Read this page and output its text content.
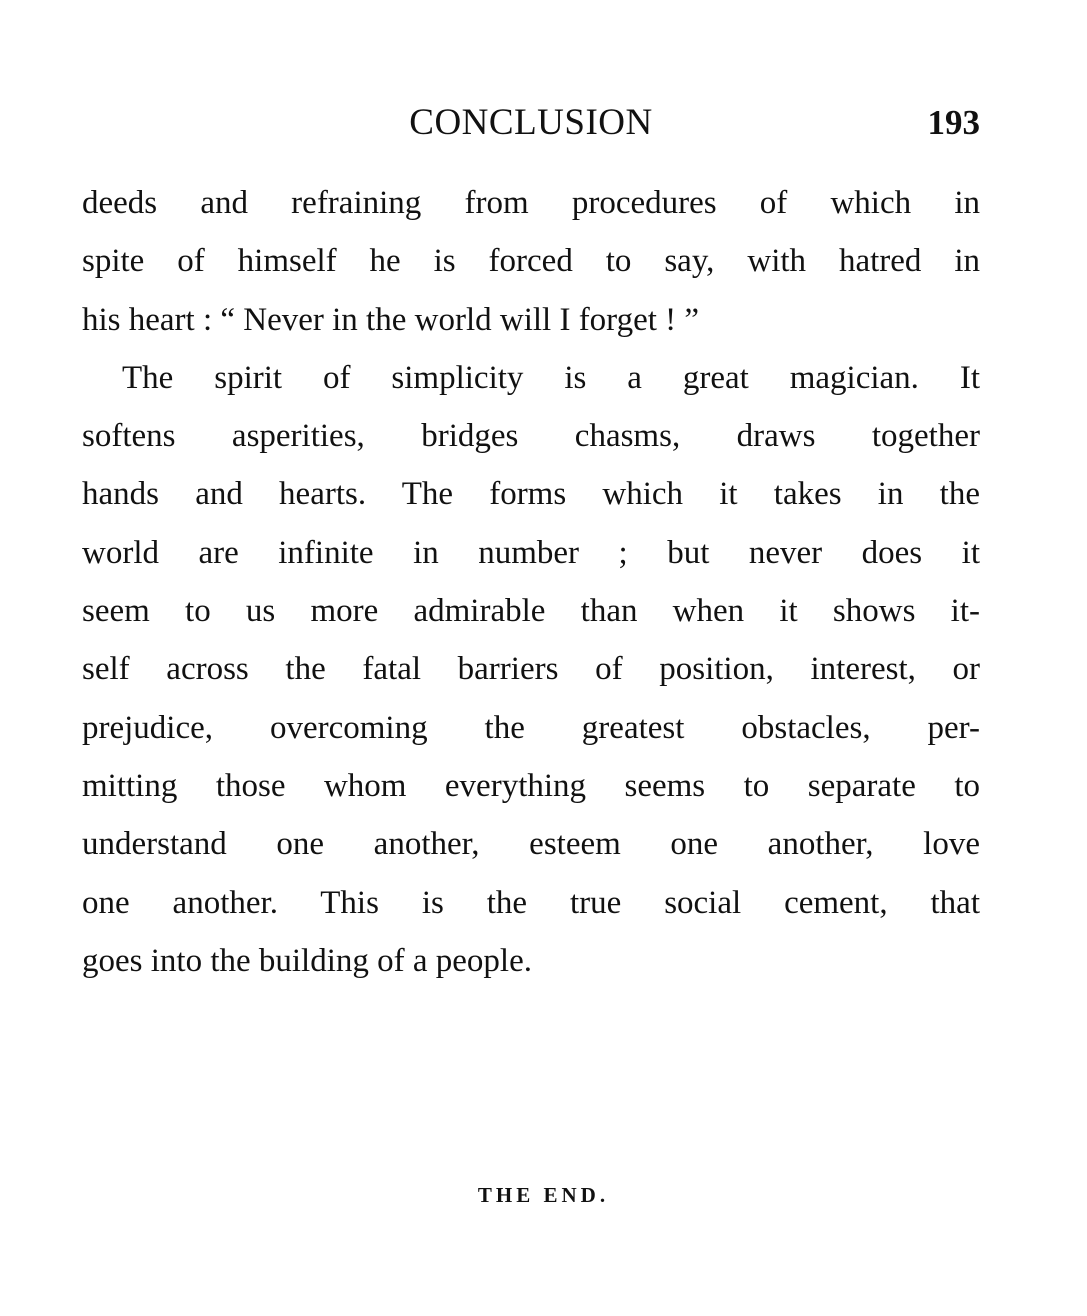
CONCLUSION	193
deeds and refraining from procedures of which in
spite of himself he is forced to say, with hatred in
his heart : “ Never in the world will I forget ! ”
The spirit of simplicity is a great magician. It
softens asperities, bridges chasms, draws together
hands and hearts. The forms which it takes in the
world are infinite in number ; but never does it
seem to us more admirable than when it shows it-
self across the fatal barriers of position, interest, or
prejudice, overcoming the greatest obstacles, per-
mitting those whom everything seems to separate to
understand one another, esteem one another, love
one another. This is the true social cement, that
goes into the building of a people.
THE END.
